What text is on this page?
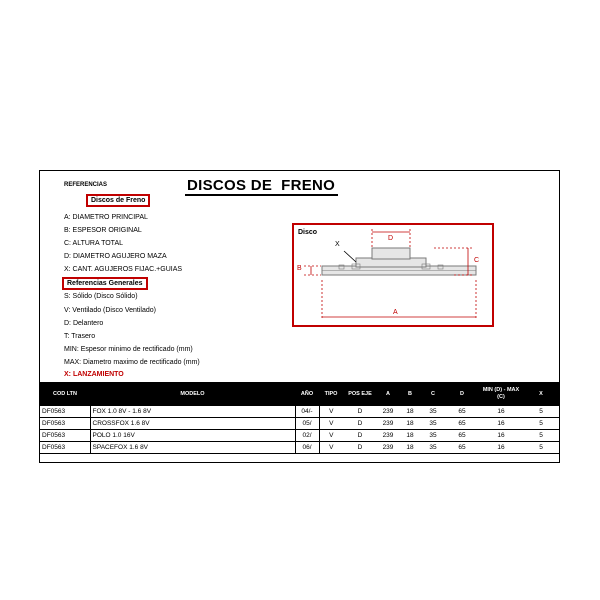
REFERENCIAS	DISCOS DE  FRENO
Discos de Freno
A: DIAMETRO PRINCIPAL
B: ESPESOR ORIGINAL
C: ALTURA TOTAL
D: DIAMETRO AGUJERO MAZA
X: CANT. AGUJEROS FIJAC.+GUIAS
Referencias Generales
S: Sólido (Disco Sólido)
V: Ventilado (Disco Ventilado)
D: Delantero
T: Trasero
MIN: Espesor minimo de rectificado (mm)
MAX: Diametro maximo de rectificado (mm)
X: LANZAMIENTO
Disco
D
X
B
C
A
COD LTN	MODELO	AÑO	TIPO	POS EJE	A	B	C	D	MIN (D) - MAX (C)	X
DF0563	FOX 1.0 8V - 1.6 8V	04/-	V	D	239	18	35	65	16	5
DF0563	CROSSFOX 1.6 8V	05/	V	D	239	18	35	65	16	5
DF0563	POLO 1.0 16V	02/	V	D	239	18	35	65	16	5
DF0563	SPACEFOX 1.6 8V	06/	V	D	239	18	35	65	16	5
